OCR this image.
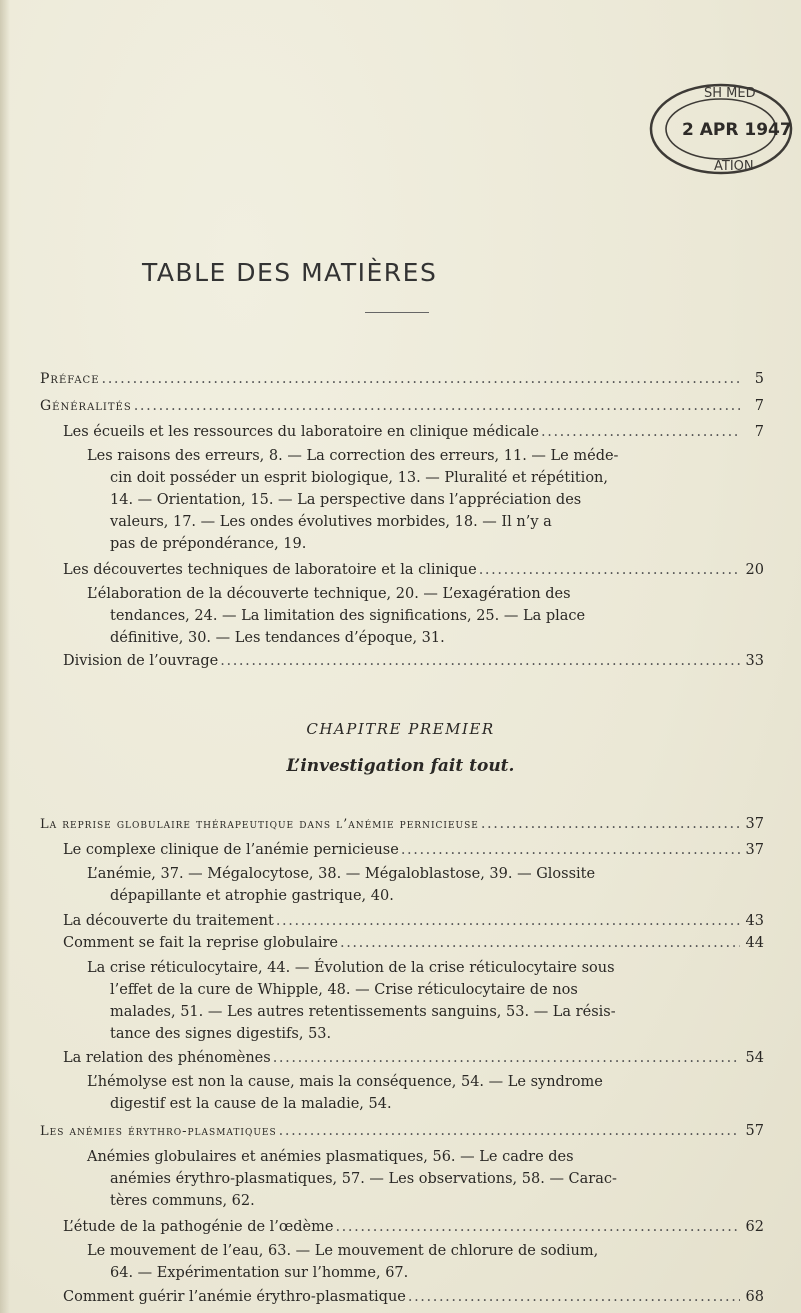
SH MED
2 APR 1947
ATION
TABLE DES MATIÈRES
Préface . . .	5
Généralités . . .	7
Les écueils et les ressources du laboratoire en clinique médicale . . .	7
Les raisons des erreurs, 8. — La correction des erreurs, 11. — Le méde-
cin doit posséder un esprit biologique, 13. — Pluralité et répétition,
14. — Orientation, 15. — La perspective dans l’appréciation des
valeurs, 17. — Les ondes évolutives morbides, 18. — Il n’y a
pas de prépondérance, 19.
Les découvertes techniques de laboratoire et la clinique . . .	20
L’élaboration de la découverte technique, 20. — L’exagération des
tendances, 24. — La limitation des significations, 25. — La place
définitive, 30. — Les tendances d’époque, 31.
Division de l’ouvrage . . .	33
CHAPITRE PREMIER
L’investigation fait tout.
La reprise globulaire thérapeutique dans l’anémie pernicieuse . . .	37
Le complexe clinique de l’anémie pernicieuse . . .	37
L’anémie, 37. — Mégalocytose, 38. — Mégaloblastose, 39. — Glossite
dépapillante et atrophie gastrique, 40.
La découverte du traitement . . .	43
Comment se fait la reprise globulaire . . .	44
La crise réticulocytaire, 44. — Évolution de la crise réticulocytaire sous
l’effet de la cure de Whipple, 48. — Crise réticulocytaire de nos
malades, 51. — Les autres retentissements sanguins, 53. — La résis-
tance des signes digestifs, 53.
La relation des phénomènes . . .	54
L’hémolyse est non la cause, mais la conséquence, 54. — Le syndrome
digestif est la cause de la maladie, 54.
Les anémies érythro-plasmatiques . . .	57
Anémies globulaires et anémies plasmatiques, 56. — Le cadre des
anémies érythro-plasmatiques, 57. — Les observations, 58. — Carac-
tères communs, 62.
L’étude de la pathogénie de l’œdème . . .	62
Le mouvement de l’eau, 63. — Le mouvement de chlorure de sodium,
64. — Expérimentation sur l’homme, 67.
Comment guérir l’anémie érythro-plasmatique . . .	68
